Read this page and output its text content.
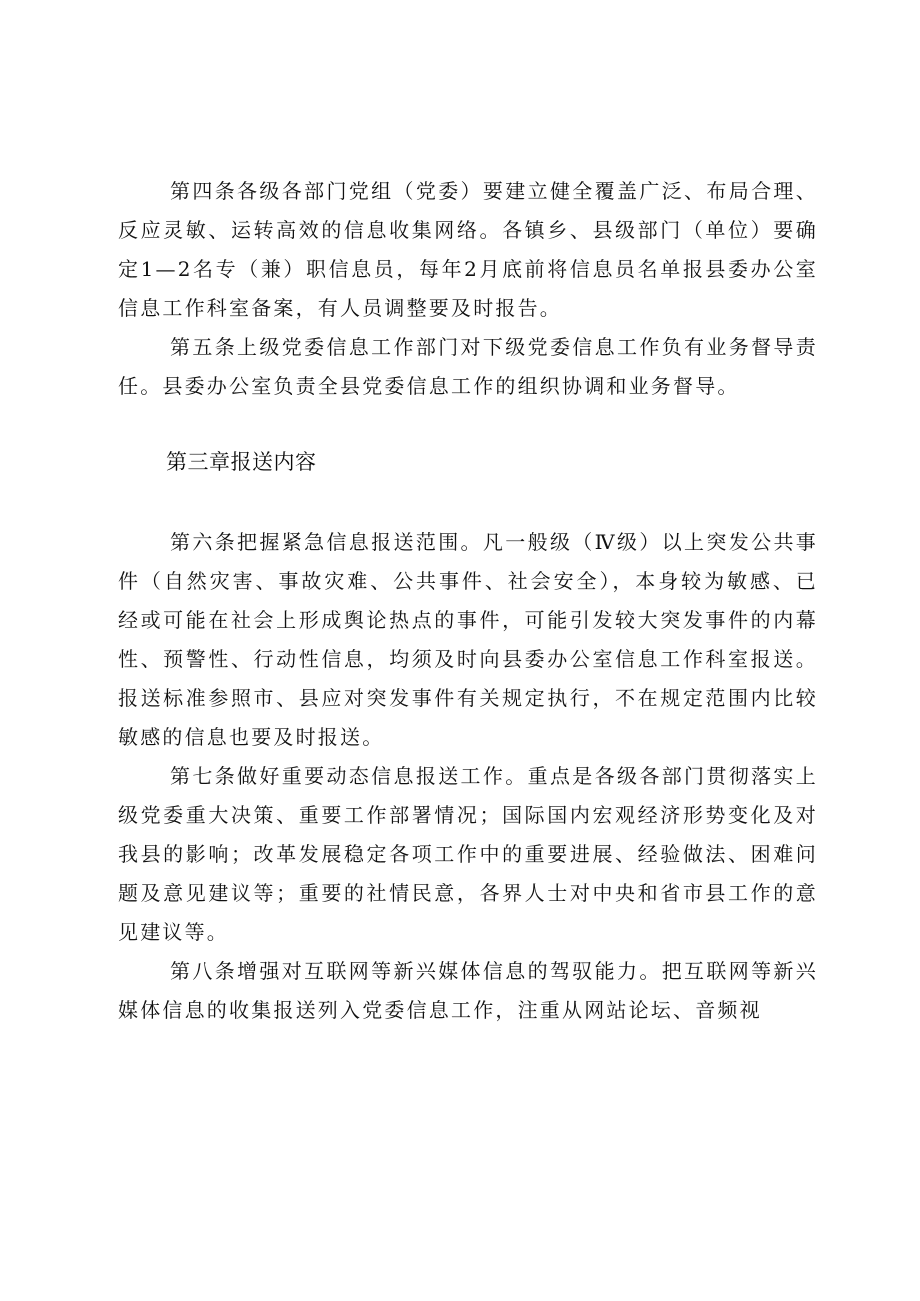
第四条各级各部门党组（党委）要建立健全覆盖广泛、布局合理、反应灵敏、运转高效的信息收集网络。各镇乡、县级部门（单位）要确定1—2名专（兼）职信息员，每年2月底前将信息员名单报县委办公室信息工作科室备案，有人员调整要及时报告。

第五条上级党委信息工作部门对下级党委信息工作负有业务督导责任。县委办公室负责全县党委信息工作的组织协调和业务督导。

第三章报送内容

第六条把握紧急信息报送范围。凡一般级（Ⅳ级）以上突发公共事件（自然灾害、事故灾难、公共事件、社会安全），本身较为敏感、已经或可能在社会上形成舆论热点的事件，可能引发较大突发事件的内幕性、预警性、行动性信息，均须及时向县委办公室信息工作科室报送。报送标准参照市、县应对突发事件有关规定执行，不在规定范围内比较敏感的信息也要及时报送。

第七条做好重要动态信息报送工作。重点是各级各部门贯彻落实上级党委重大决策、重要工作部署情况；国际国内宏观经济形势变化及对我县的影响；改革发展稳定各项工作中的重要进展、经验做法、困难问题及意见建议等；重要的社情民意，各界人士对中央和省市县工作的意见建议等。

第八条增强对互联网等新兴媒体信息的驾驭能力。把互联网等新兴媒体信息的收集报送列入党委信息工作，注重从网站论坛、音频视
